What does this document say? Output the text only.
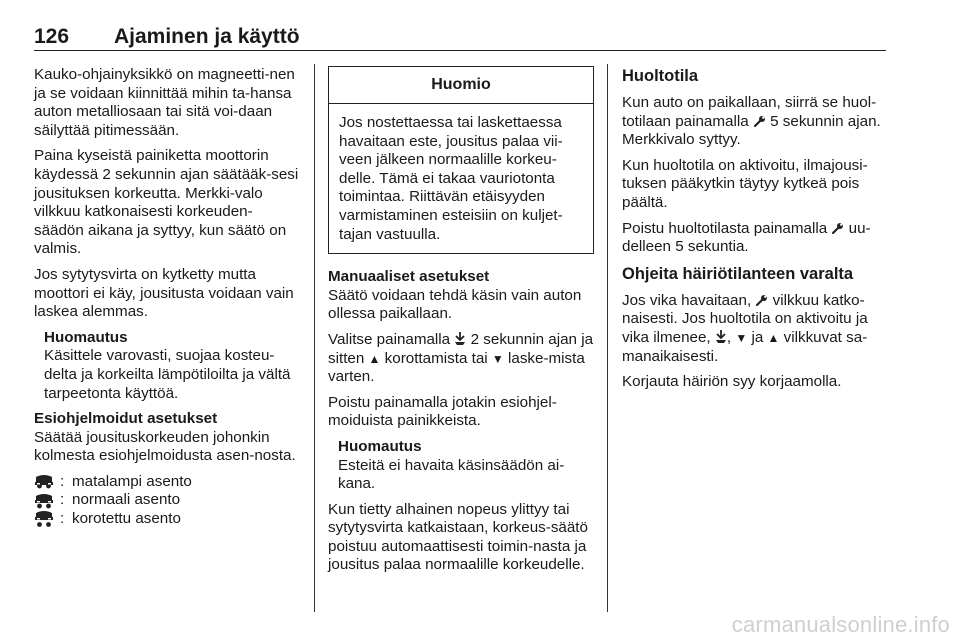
126	Ajaminen ja käyttö

Kauko-ohjainyksikkö on magneetti-nen ja se voidaan kiinnittää mihin ta-hansa auton metalliosaan tai sitä voi-daan säilyttää pitimessään.

Paina kyseistä painiketta moottorin käydessä 2 sekunnin ajan säätääk-sesi jousituksen korkeutta. Merkki-valo vilkkuu katkonaisesti korkeuden-säädön aikana ja syttyy, kun säätö on valmis.

Jos sytytysvirta on kytketty mutta moottori ei käy, jousitusta voidaan vain laskea alemmas.

Huomautus
Käsittele varovasti, suojaa kosteu-delta ja korkeilta lämpötiloilta ja vältä tarpeetonta käyttöä.
Esiohjelmoidut asetukset

Säätää jousituskorkeuden johonkin kolmesta esiohjelmoidusta asen-nosta.

: matalampi asento
: normaali asento
: korotettu asento
Huomio
Jos nostettaessa tai laskettaessa havaitaan este, jousitus palaa vii-veen jälkeen normaalille korkeu-delle. Tämä ei takaa vauriotonta toimintaa. Riittävän etäisyyden varmistaminen esteisiin on kuljet-tajan vastuulla.
Manuaaliset asetukset

Säätö voidaan tehdä käsin vain auton ollessa paikallaan.

Valitse painamalla 2 sekunnin ajan ja sitten ▲ korottamista tai ▼ laske-mista varten.

Poistu painamalla jotakin esiohjel-moiduista painikkeista.

Huomautus
Esteitä ei havaita käsinsäädön ai-kana.

Kun tietty alhainen nopeus ylittyy tai sytytysvirta katkaistaan, korkeus-säätö poistuu automaattisesti toimin-nasta ja jousitus palaa normaalille korkeudelle.

Huoltotila

Kun auto on paikallaan, siirrä se huol-totilaan painamalla 5 sekunnin ajan. Merkkivalo syttyy.

Kun huoltotila on aktivoitu, ilmajousi-tuksen pääkytkin täytyy kytkeä pois päältä.

Poistu huoltotilasta painamalla uu-delleen 5 sekuntia.

Ohjeita häiriötilanteen varalta

Jos vika havaitaan, vilkkuu katko-naisesti. Jos huoltotila on aktivoitu ja vika ilmenee, , ▼ ja ▲ vilkkuvat sa-manaikaisesti.

Korjauta häiriön syy korjaamolla.

carmanualsonline.info
